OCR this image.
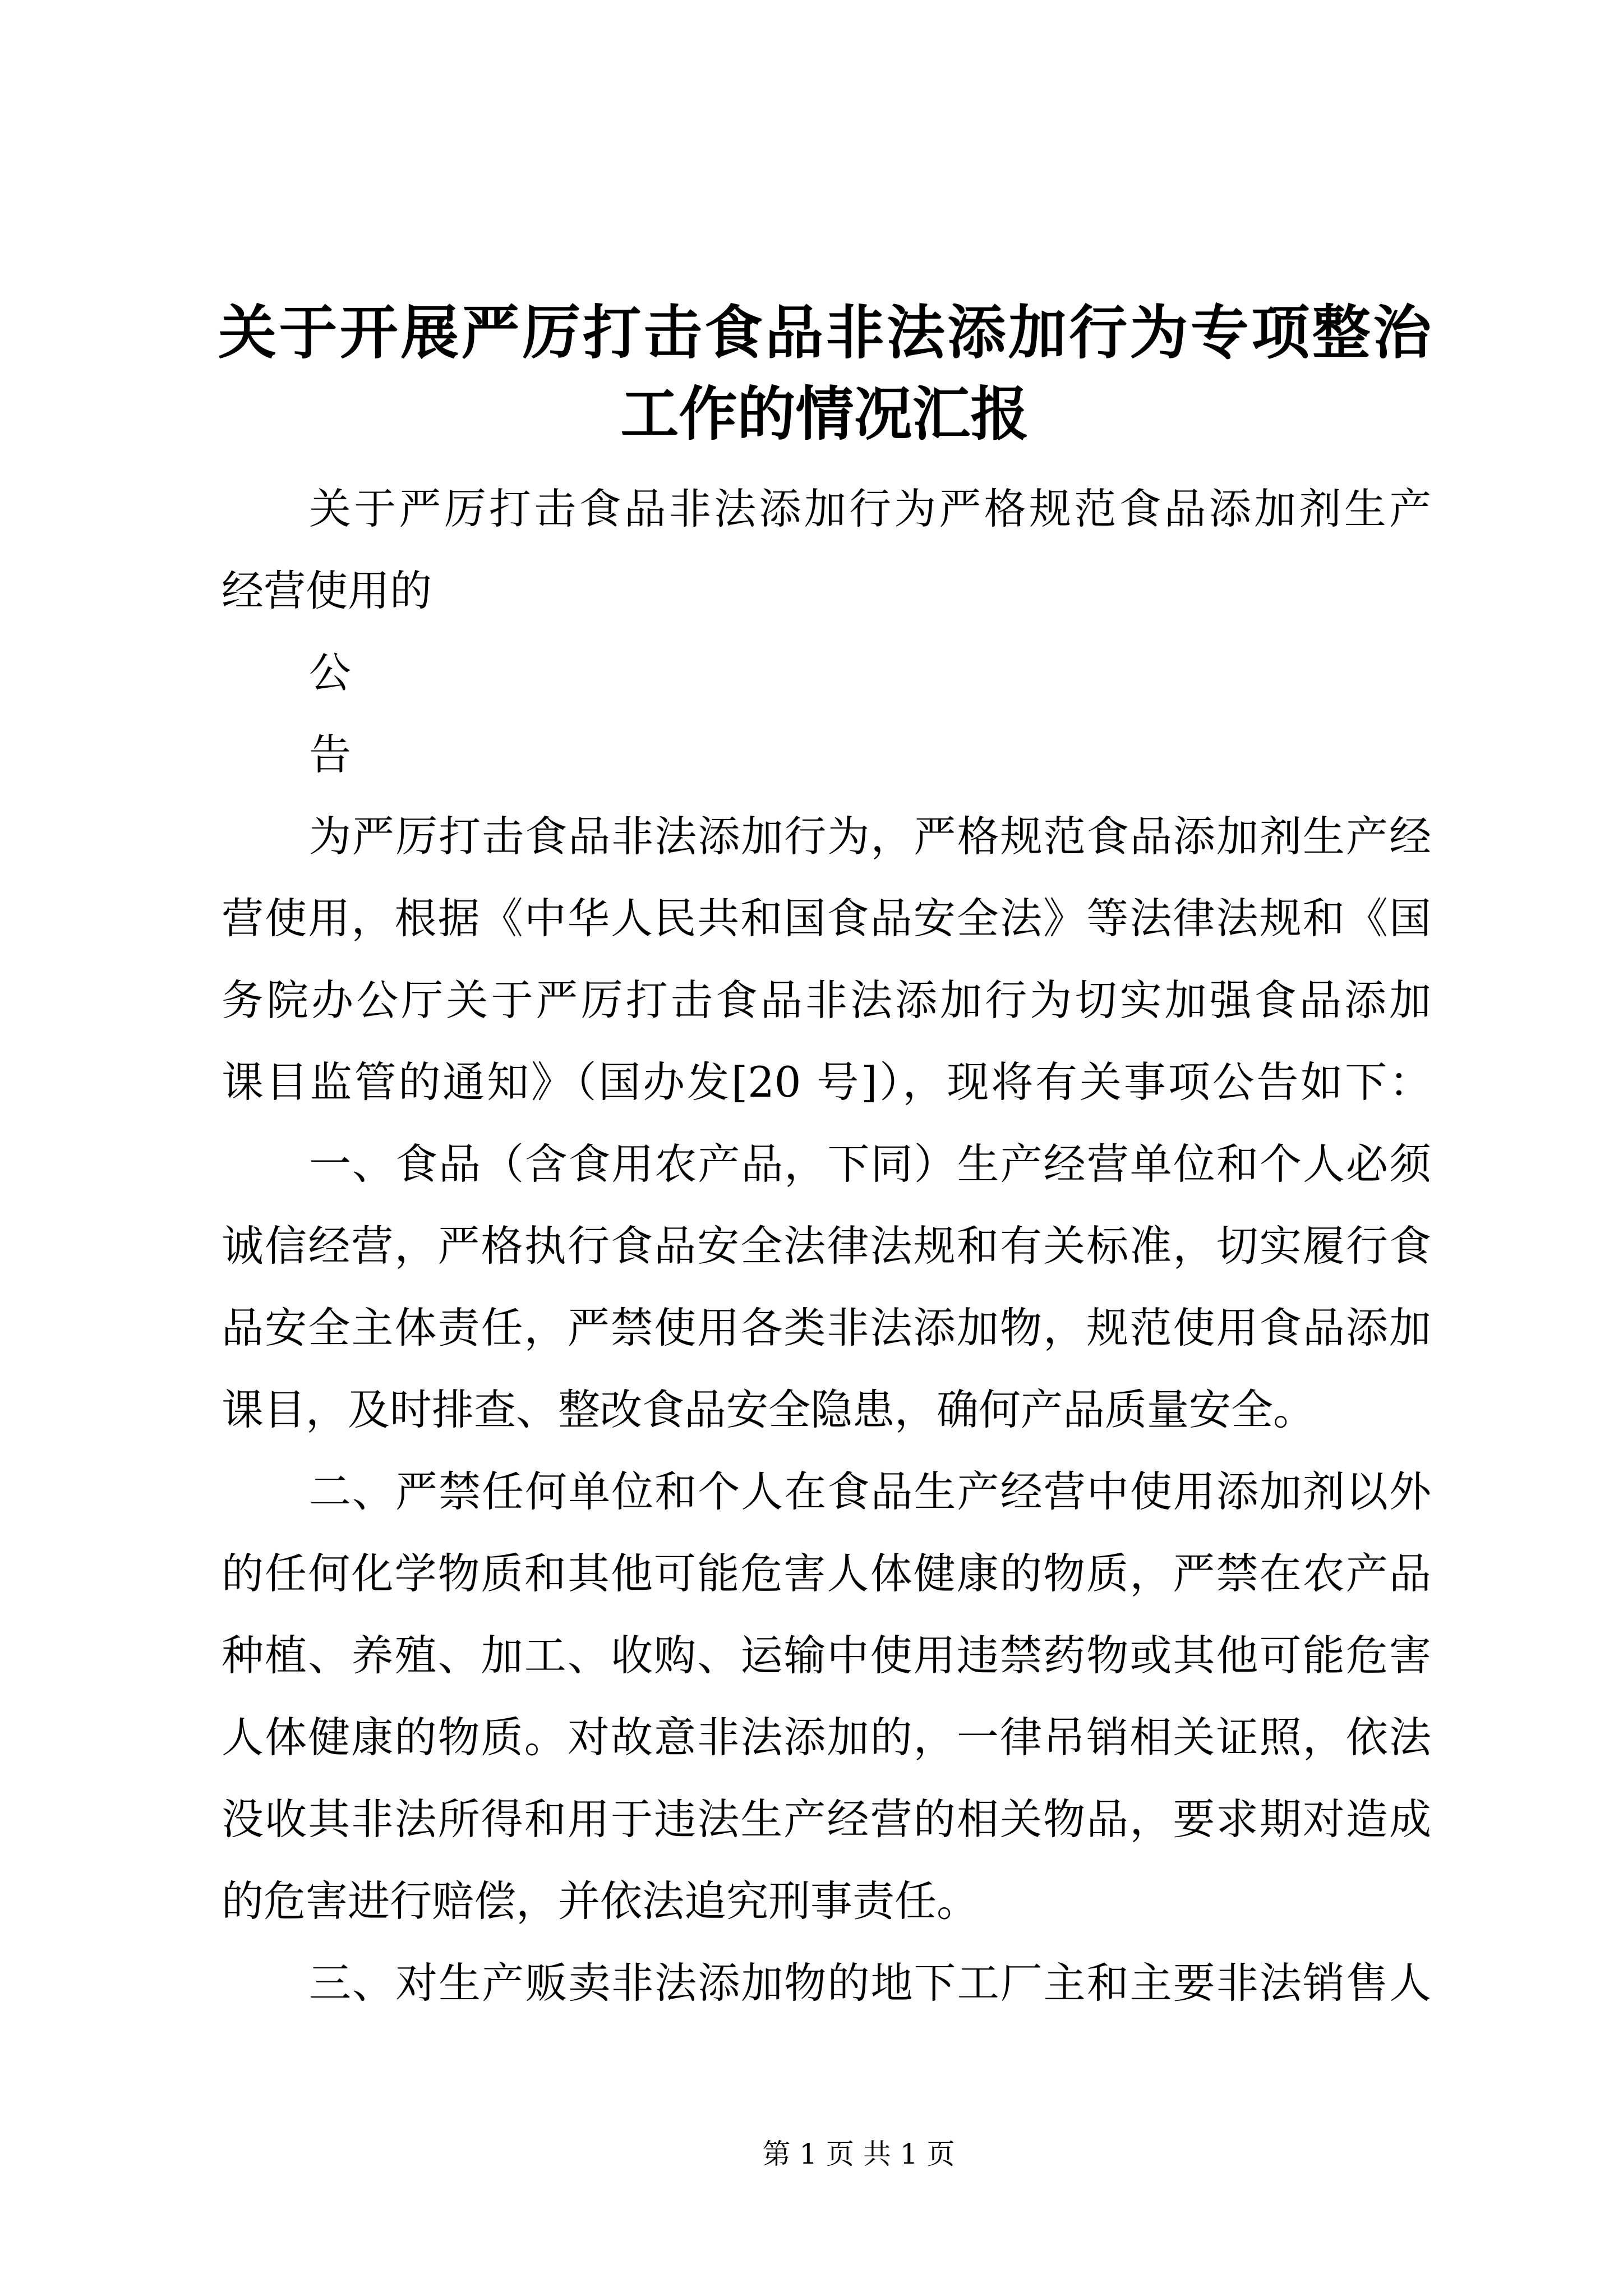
关于开展严厉打击食品非法添加行为专项整治
工作的情况汇报
关于严厉打击食品非法添加行为严格规范食品添加剂生产
经营使用的
公
告
为严厉打击食品非法添加行为，严格规范食品添加剂生产经
营使用，根据《中华人民共和国食品安全法》等法律法规和《国
务院办公厅关于严厉打击食品非法添加行为切实加强食品添加
课目监管的通知》（国办发[20 号]），现将有关事项公告如下：
一、食品（含食用农产品，下同）生产经营单位和个人必须
诚信经营，严格执行食品安全法律法规和有关标准，切实履行食
品安全主体责任，严禁使用各类非法添加物，规范使用食品添加
课目，及时排查、整改食品安全隐患，确何产品质量安全。
二、严禁任何单位和个人在食品生产经营中使用添加剂以外
的任何化学物质和其他可能危害人体健康的物质，严禁在农产品
种植、养殖、加工、收购、运输中使用违禁药物或其他可能危害
人体健康的物质。对故意非法添加的，一律吊销相关证照，依法
没收其非法所得和用于违法生产经营的相关物品，要求期对造成
的危害进行赔偿，并依法追究刑事责任。
三、对生产贩卖非法添加物的地下工厂主和主要非法销售人
第 1 页 共 1 页
